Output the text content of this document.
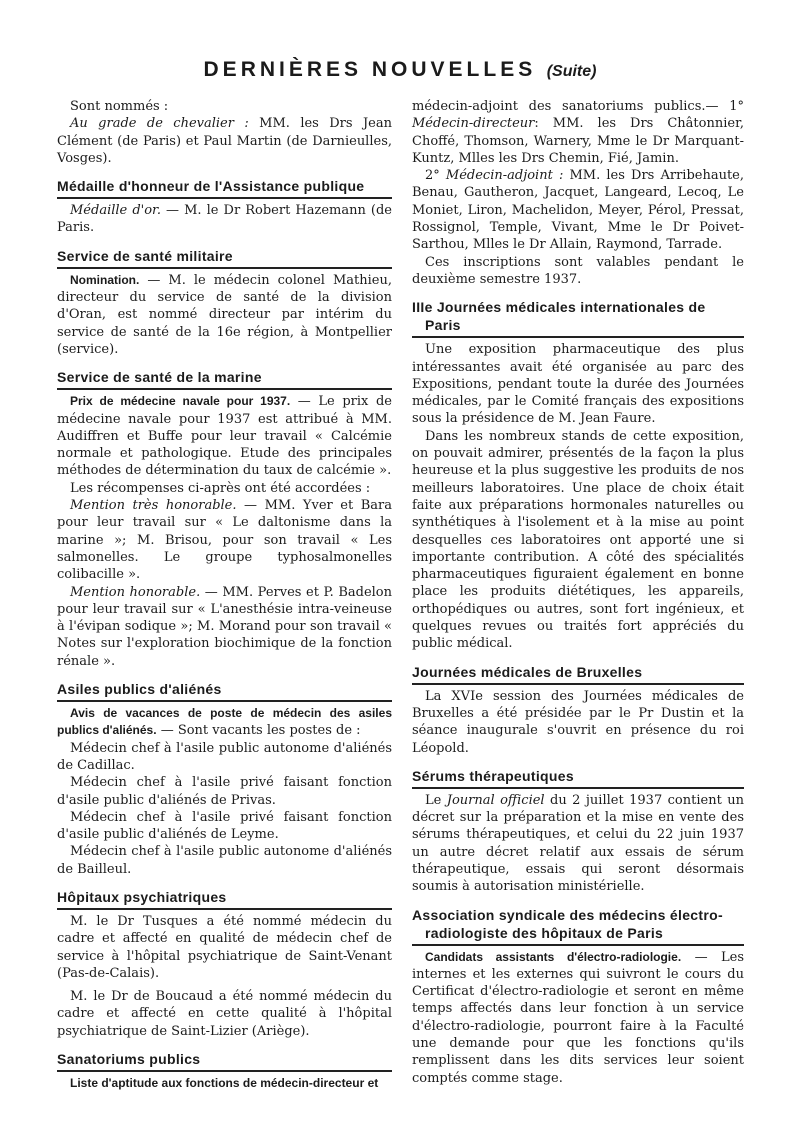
DERNIÈRES NOUVELLES (Suite)

Sont nommés :

Au grade de chevalier : MM. les Drs Jean Clément (de Paris) et Paul Martin (de Darnieulles, Vosges).

Médaille d'honneur de l'Assistance publique

Médaille d'or. — M. le Dr Robert Hazemann (de Paris.

Service de santé militaire

Nomination. — M. le médecin colonel Mathieu, directeur du service de santé de la division d'Oran, est nommé directeur par intérim du service de santé de la 16e région, à Montpellier (service).

Service de santé de la marine

Prix de médecine navale pour 1937. — Le prix de médecine navale pour 1937 est attribué à MM. Audiffren et Buffe pour leur travail « Calcémie normale et pathologique. Etude des principales méthodes de détermination du taux de calcémie ».

Les récompenses ci-après ont été accordées :

Mention très honorable. — MM. Yver et Bara pour leur travail sur « Le daltonisme dans la marine »; M. Brisou, pour son travail « Les salmonelles. Le groupe typhosalmonelles colibacille ».

Mention honorable. — MM. Perves et P. Badelon pour leur travail sur « L'anesthésie intra-veineuse à l'évipan sodique »; M. Morand pour son travail « Notes sur l'exploration biochimique de la fonction rénale ».

Asiles publics d'aliénés

Avis de vacances de poste de médecin des asiles publics d'aliénés. — Sont vacants les postes de :

Médecin chef à l'asile public autonome d'aliénés de Cadillac.

Médecin chef à l'asile privé faisant fonction d'asile public d'aliénés de Privas.

Médecin chef à l'asile privé faisant fonction d'asile public d'aliénés de Leyme.

Médecin chef à l'asile public autonome d'aliénés de Bailleul.

Hôpitaux psychiatriques

M. le Dr Tusques a été nommé médecin du cadre et affecté en qualité de médecin chef de service à l'hôpital psychiatrique de Saint-Venant (Pas-de-Calais).

M. le Dr de Boucaud a été nommé médecin du cadre et affecté en cette qualité à l'hôpital psychiatrique de Saint-Lizier (Ariège).

Sanatoriums publics

Liste d'aptitude aux fonctions de médecin-directeur et

médecin-adjoint des sanatoriums publics.— 1° Médecin-directeur: MM. les Drs Châtonnier, Choffé, Thomson, Warnery, Mme le Dr Marquant-Kuntz, Mlles les Drs Chemin, Fié, Jamin.

2° Médecin-adjoint : MM. les Drs Arribehaute, Benau, Gautheron, Jacquet, Langeard, Lecoq, Le Moniet, Liron, Machelidon, Meyer, Pérol, Pressat, Rossignol, Temple, Vivant, Mme le Dr Poivet-Sarthou, Mlles le Dr Allain, Raymond, Tarrade.

Ces inscriptions sont valables pendant le deuxième semestre 1937.

IIIe Journées médicales internationales de
Paris

Une exposition pharmaceutique des plus intéressantes avait été organisée au parc des Expositions, pendant toute la durée des Journées médicales, par le Comité français des expositions sous la présidence de M. Jean Faure.

Dans les nombreux stands de cette exposition, on pouvait admirer, présentés de la façon la plus heureuse et la plus suggestive les produits de nos meilleurs laboratoires. Une place de choix était faite aux préparations hormonales naturelles ou synthétiques à l'isolement et à la mise au point desquelles ces laboratoires ont apporté une si importante contribution. A côté des spécialités pharmaceutiques figuraient également en bonne place les produits diététiques, les appareils, orthopédiques ou autres, sont fort ingénieux, et quelques revues ou traités fort appréciés du public médical.

Journées médicales de Bruxelles

La XVIe session des Journées médicales de Bruxelles a été présidée par le Pr Dustin et la séance inaugurale s'ouvrit en présence du roi Léopold.

Sérums thérapeutiques

Le Journal officiel du 2 juillet 1937 contient un décret sur la préparation et la mise en vente des sérums thérapeutiques, et celui du 22 juin 1937 un autre décret relatif aux essais de sérum thérapeutique, essais qui seront désormais soumis à autorisation ministérielle.

Association syndicale des médecins électro-
radiologiste des hôpitaux de Paris

Candidats assistants d'électro-radiologie. — Les internes et les externes qui suivront le cours du Certificat d'électro-radiologie et seront en même temps affectés dans leur fonction à un service d'électro-radiologie, pourront faire à la Faculté une demande pour que les fonctions qu'ils remplissent dans les dits services leur soient comptés comme stage.
